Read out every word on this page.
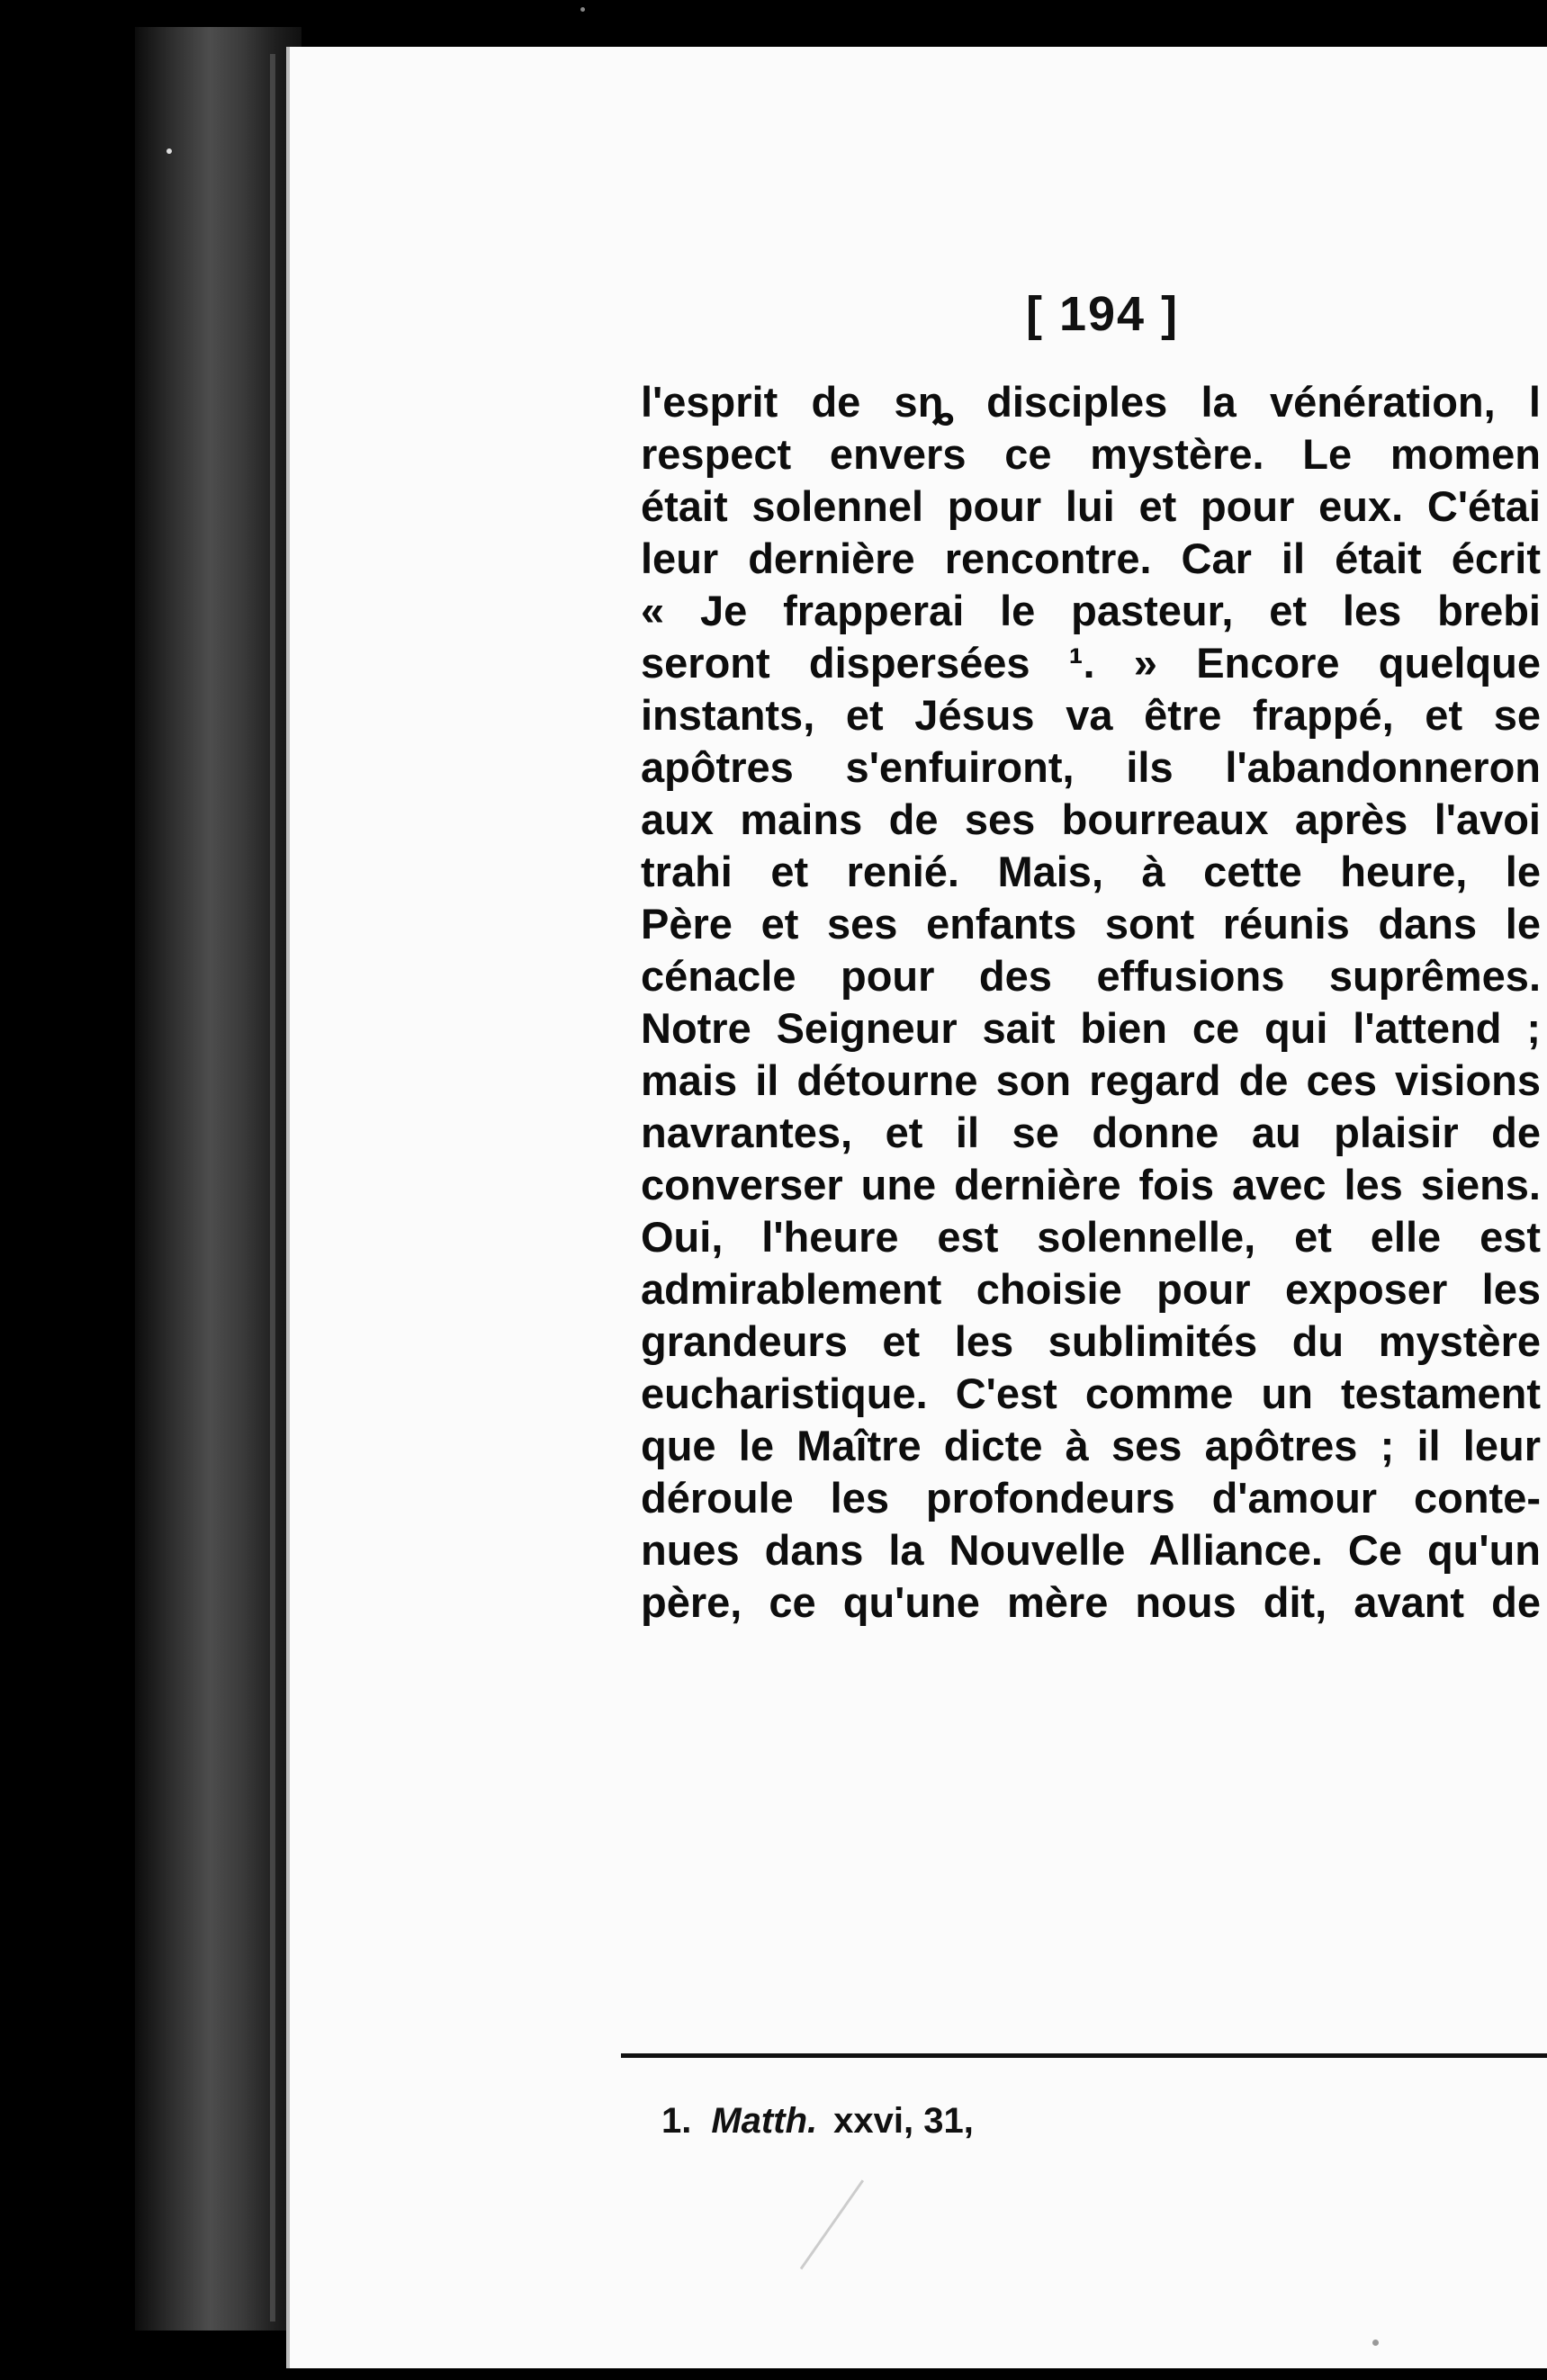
[ 194 ]
l'esprit de sȵ disciples la vénération, l
respect envers ce mystère. Le momen
était solennel pour lui et pour eux. C'étai
leur dernière rencontre. Car il était écrit
« Je frapperai le pasteur, et les brebi
seront dispersées ¹. » Encore quelque
instants, et Jésus va être frappé, et se
apôtres s'enfuiront, ils l'abandonneron
aux mains de ses bourreaux après l'avoi
trahi et renié. Mais, à cette heure, le
Père et ses enfants sont réunis dans le
cénacle pour des effusions suprêmes.
Notre Seigneur sait bien ce qui l'attend ;
mais il détourne son regard de ces visions
navrantes, et il se donne au plaisir de
converser une dernière fois avec les siens.
Oui, l'heure est solennelle, et elle est
admirablement choisie pour exposer les
grandeurs et les sublimités du mystère
eucharistique. C'est comme un testament
que le Maître dicte à ses apôtres ; il leur
déroule les profondeurs d'amour conte-
nues dans la Nouvelle Alliance. Ce qu'un
père, ce qu'une mère nous dit, avant de
1. Matth. xxvi, 31,
